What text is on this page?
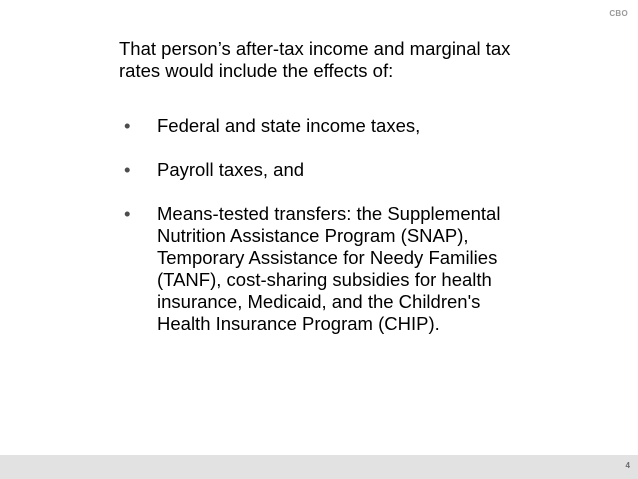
CBO

That person’s after-tax income and marginal tax rates would include the effects of:

• Federal and state income taxes,
• Payroll taxes, and
• Means-tested transfers: the Supplemental Nutrition Assistance Program (SNAP), Temporary Assistance for Needy Families (TANF), cost-sharing subsidies for health insurance, Medicaid, and the Children's Health Insurance Program (CHIP).
4
